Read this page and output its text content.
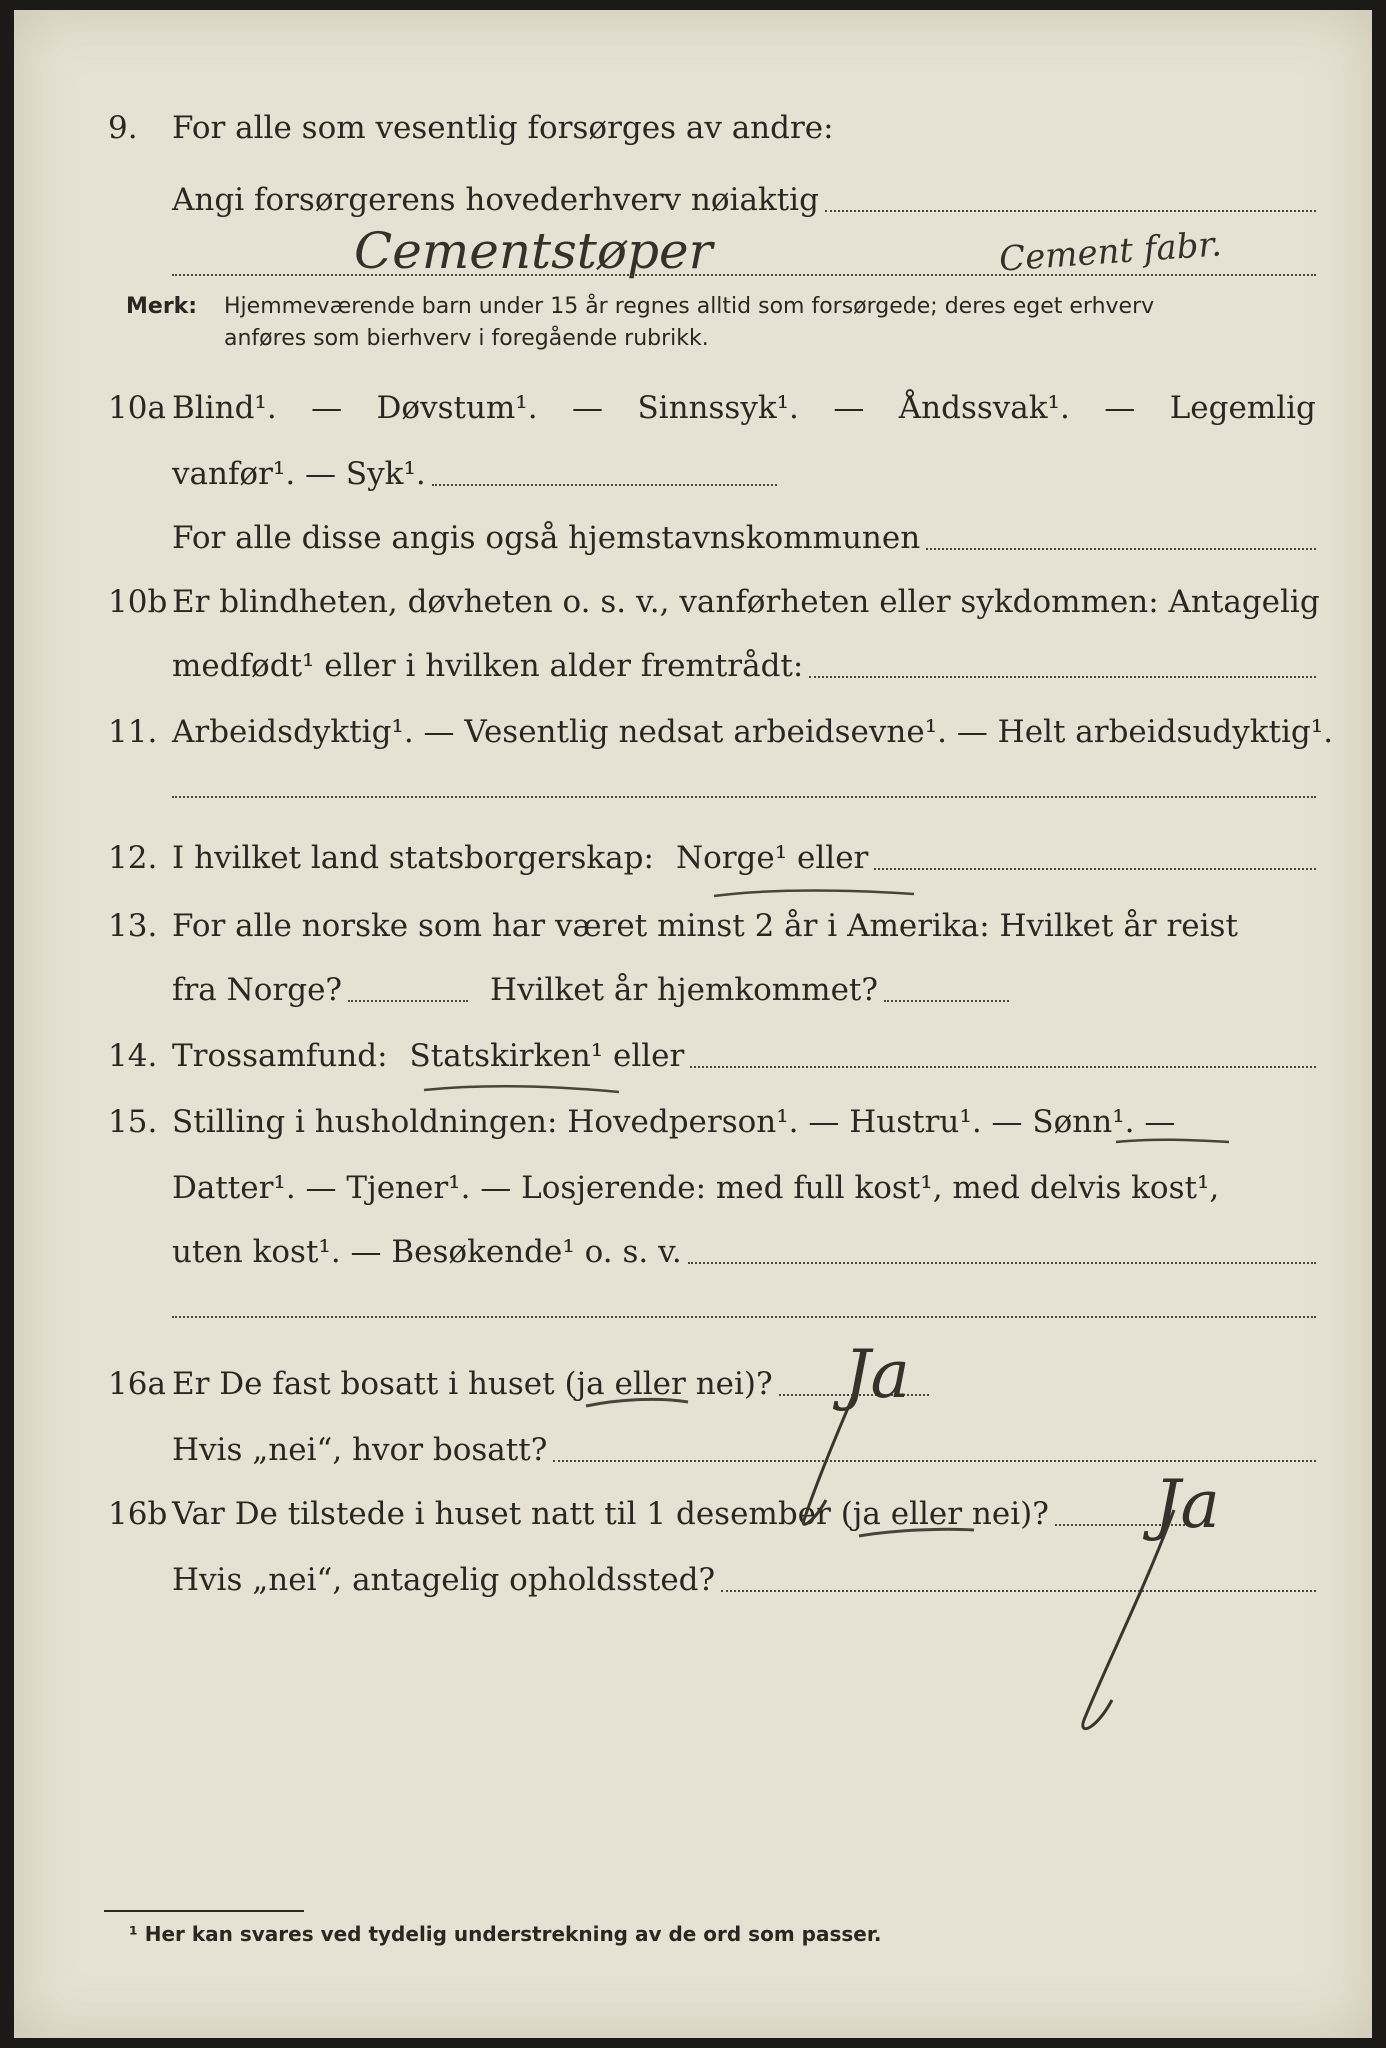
9. For alle som vesentlig forsørges av andre:
Angi forsørgerens hovederhverv nøiaktig
Cementstøper	Cement fabr.
Merk: Hjemmeværende barn under 15 år regnes alltid som forsørgede; deres eget erhverv
anføres som bierhverv i foregående rubrikk.
10a Blind¹. — Døvstum¹. — Sinnssyk¹. — Åndssvak¹. — Legemlig
vanfør¹. — Syk¹.
For alle disse angis også hjemstavnskommunen
10b Er blindheten, døvheten o. s. v., vanførheten eller sykdommen: Antagelig
medfødt¹ eller i hvilken alder fremtrådt:
11. Arbeidsdyktig¹. — Vesentlig nedsat arbeidsevne¹. — Helt arbeidsudyktig¹.
12. I hvilket land statsborgerskap: Norge¹ eller
13. For alle norske som har været minst 2 år i Amerika: Hvilket år reist
fra Norge?	Hvilket år hjemkommet?
14. Trossamfund: Statskirken¹ eller
15. Stilling i husholdningen: Hovedperson¹. — Hustru¹. — Sønn¹. —
Datter¹. — Tjener¹. — Losjerende: med full kost¹, med delvis kost¹,
uten kost¹. — Besøkende¹ o. s. v.
16a Er De fast bosatt i huset (ja eller nei)? Ja
Hvis „nei“, hvor bosatt?
16b Var De tilstede i huset natt til 1 desember (ja eller nei)? Ja
Hvis „nei“, antagelig opholdssted?
¹ Her kan svares ved tydelig understrekning av de ord som passer.
